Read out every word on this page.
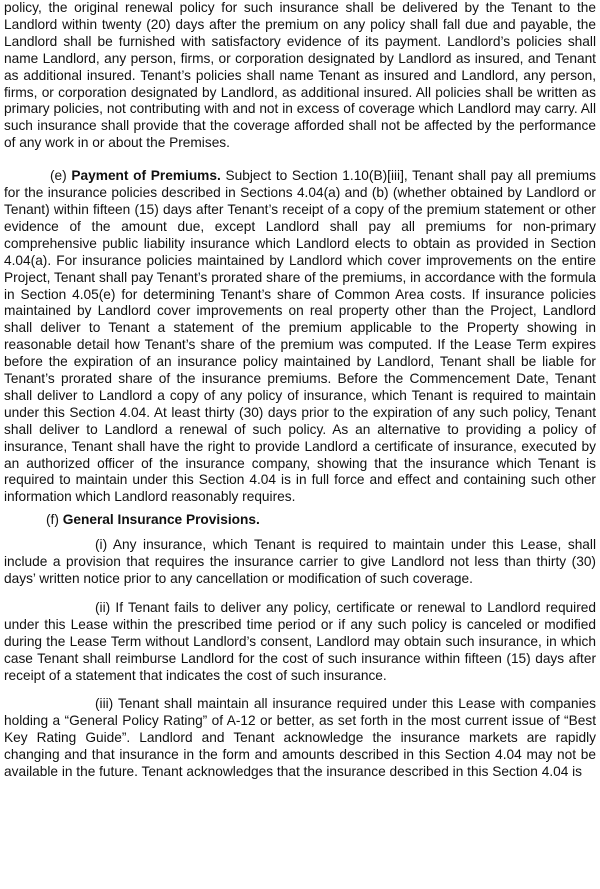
policy, the original renewal policy for such insurance shall be delivered by the Tenant to the Landlord within twenty (20) days after the premium on any policy shall fall due and payable, the Landlord shall be furnished with satisfactory evidence of its payment. Landlord’s policies shall name Landlord, any person, firms, or corporation designated by Landlord as insured, and Tenant as additional insured. Tenant’s policies shall name Tenant as insured and Landlord, any person, firms, or corporation designated by Landlord, as additional insured. All policies shall be written as primary policies, not contributing with and not in excess of coverage which Landlord may carry. All such insurance shall provide that the coverage afforded shall not be affected by the performance of any work in or about the Premises.

(e) Payment of Premiums. Subject to Section 1.10(B)[iii], Tenant shall pay all premiums for the insurance policies described in Sections 4.04(a) and (b) (whether obtained by Landlord or Tenant) within fifteen (15) days after Tenant’s receipt of a copy of the premium statement or other evidence of the amount due, except Landlord shall pay all premiums for non-primary comprehensive public liability insurance which Landlord elects to obtain as provided in Section 4.04(a). For insurance policies maintained by Landlord which cover improvements on the entire Project, Tenant shall pay Tenant’s prorated share of the premiums, in accordance with the formula in Section 4.05(e) for determining Tenant’s share of Common Area costs. If insurance policies maintained by Landlord cover improvements on real property other than the Project, Landlord shall deliver to Tenant a statement of the premium applicable to the Property showing in reasonable detail how Tenant’s share of the premium was computed. If the Lease Term expires before the expiration of an insurance policy maintained by Landlord, Tenant shall be liable for Tenant’s prorated share of the insurance premiums. Before the Commencement Date, Tenant shall deliver to Landlord a copy of any policy of insurance, which Tenant is required to maintain under this Section 4.04. At least thirty (30) days prior to the expiration of any such policy, Tenant shall deliver to Landlord a renewal of such policy. As an alternative to providing a policy of insurance, Tenant shall have the right to provide Landlord a certificate of insurance, executed by an authorized officer of the insurance company, showing that the insurance which Tenant is required to maintain under this Section 4.04 is in full force and effect and containing such other information which Landlord reasonably requires.

(f) General Insurance Provisions.

(i) Any insurance, which Tenant is required to maintain under this Lease, shall include a provision that requires the insurance carrier to give Landlord not less than thirty (30) days’ written notice prior to any cancellation or modification of such coverage.

(ii) If Tenant fails to deliver any policy, certificate or renewal to Landlord required under this Lease within the prescribed time period or if any such policy is canceled or modified during the Lease Term without Landlord’s consent, Landlord may obtain such insurance, in which case Tenant shall reimburse Landlord for the cost of such insurance within fifteen (15) days after receipt of a statement that indicates the cost of such insurance.

(iii) Tenant shall maintain all insurance required under this Lease with companies holding a “General Policy Rating” of A-12 or better, as set forth in the most current issue of “Best Key Rating Guide”. Landlord and Tenant acknowledge the insurance markets are rapidly changing and that insurance in the form and amounts described in this Section 4.04 may not be available in the future. Tenant acknowledges that the insurance described in this Section 4.04 is
